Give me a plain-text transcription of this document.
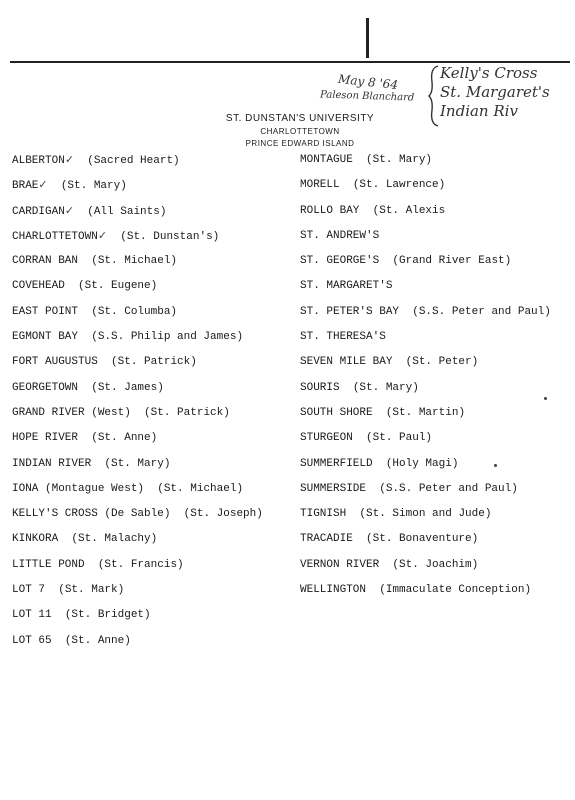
May 8 '64
Paleson Blanchard
Kelly's Cross
St. Margaret's
Indian Riv
ST. DUNSTAN'S UNIVERSITY
CHARLOTTETOWN
PRINCE EDWARD ISLAND
ALBERTON✓ (Sacred Heart)
BRAE✓ (St. Mary)
CARDIGAN✓ (All Saints)
CHARLOTTETOWN✓ (St. Dunstan's)
CORRAN BAN (St. Michael)
COVEHEAD (St. Eugene)
EAST POINT (St. Columba)
EGMONT BAY (S.S. Philip and James)
FORT AUGUSTUS (St. Patrick)
GEORGETOWN (St. James)
GRAND RIVER (West) (St. Patrick)
HOPE RIVER (St. Anne)
INDIAN RIVER (St. Mary)
IONA (Montague West) (St. Michael)
KELLY'S CROSS (De Sable) (St. Joseph)
KINKORA (St. Malachy)
LITTLE POND (St. Francis)
LOT 7 (St. Mark)
LOT 11 (St. Bridget)
LOT 65 (St. Anne)
MONTAGUE (St. Mary)
MORELL (St. Lawrence)
ROLLO BAY (St. Alexis
ST. ANDREW'S
ST. GEORGE'S (Grand River East)
ST. MARGARET'S
ST. PETER'S BAY (S.S. Peter and Paul)
ST. THERESA'S
SEVEN MILE BAY (St. Peter)
SOURIS (St. Mary)
SOUTH SHORE (St. Martin)
STURGEON (St. Paul)
SUMMERFIELD (Holy Magi)
SUMMERSIDE (S.S. Peter and Paul)
TIGNISH (St. Simon and Jude)
TRACADIE (St. Bonaventure)
VERNON RIVER (St. Joachim)
WELLINGTON (Immaculate Conception)
